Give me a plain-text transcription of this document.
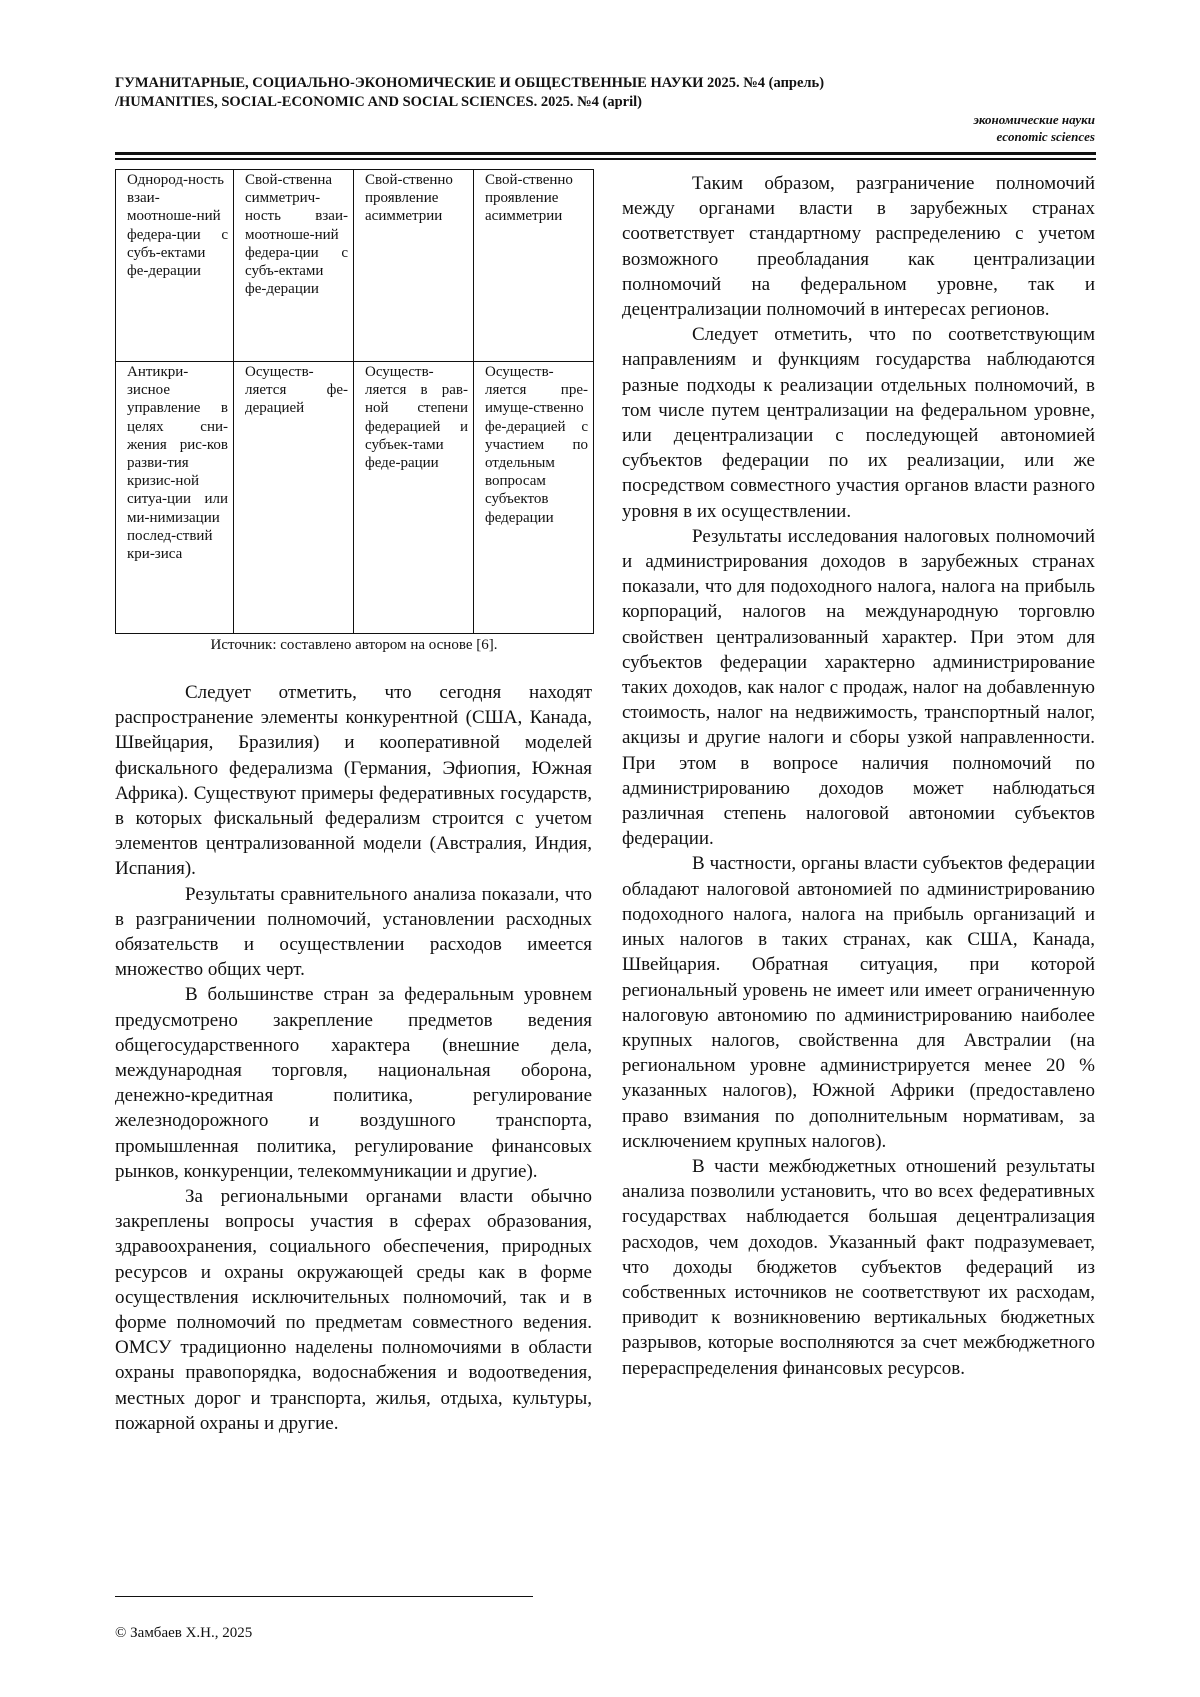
ГУМАНИТАРНЫЕ, СОЦИАЛЬНО-ЭКОНОМИЧЕСКИЕ И ОБЩЕСТВЕННЫЕ НАУКИ 2025. №4 (апрель)
/HUMANITIES, SOCIAL-ECONOMIC AND SOCIAL SCIENCES. 2025. №4 (april)
экономические науки
economic sciences
Однород-ность взаи-моотноше-ний федера-ции с субъ-ектами фе-дерации	Свой-ственна симметрич-ность взаи-моотноше-ний федера-ции с субъ-ектами фе-дерации	Свой-ственно проявление асимметрии	Свой-ственно проявление асимметрии
Антикри-зисное управление в целях сни-жения рис-ков разви-тия кризис-ной ситуа-ции или ми-нимизации послед-ствий кри-зиса	Осуществ-ляется фе-дерацией	Осуществ-ляется в рав-ной степени федерацией и субъек-тами феде-рации	Осуществ-ляется пре-имуще-ственно фе-дерацией с участием по отдельным вопросам субъектов федерации
Источник: составлено автором на основе [6].

Следует отметить, что сегодня находят распространение элементы конкурентной (США, Канада, Швейцария, Бразилия) и кооперативной моделей фискального федерализма (Германия, Эфиопия, Южная Африка). Существуют примеры федеративных государств, в которых фискальный федерализм строится с учетом элементов централизованной модели (Австралия, Индия, Испания).

Результаты сравнительного анализа показали, что в разграничении полномочий, установлении расходных обязательств и осуществлении расходов имеется множество общих черт.

В большинстве стран за федеральным уровнем предусмотрено закрепление предметов ведения общегосударственного характера (внешние дела, международная торговля, национальная оборона, денежно-кредитная политика, регулирование железнодорожного и воздушного транспорта, промышленная политика, регулирование финансовых рынков, конкуренции, телекоммуникации и другие).

За региональными органами власти обычно закреплены вопросы участия в сферах образования, здравоохранения, социального обеспечения, природных ресурсов и охраны окружающей среды как в форме осуществления исключительных полномочий, так и в форме полномочий по предметам совместного ведения. ОМСУ традиционно наделены полномочиями в области охраны правопорядка, водоснабжения и водоотведения, местных дорог и транспорта, жилья, отдыха, культуры, пожарной охраны и другие.

Таким образом, разграничение полномочий между органами власти в зарубежных странах соответствует стандартному распределению с учетом возможного преобладания как централизации полномочий на федеральном уровне, так и децентрализации полномочий в интересах регионов.

Следует отметить, что по соответствующим направлениям и функциям государства наблюдаются разные подходы к реализации отдельных полномочий, в том числе путем централизации на федеральном уровне, или децентрализации с последующей автономией субъектов федерации по их реализации, или же посредством совместного участия органов власти разного уровня в их осуществлении.

Результаты исследования налоговых полномочий и администрирования доходов в зарубежных странах показали, что для подоходного налога, налога на прибыль корпораций, налогов на международную торговлю свойствен централизованный характер. При этом для субъектов федерации характерно администрирование таких доходов, как налог с продаж, налог на добавленную стоимость, налог на недвижимость, транспортный налог, акцизы и другие налоги и сборы узкой направленности. При этом в вопросе наличия полномочий по администрированию доходов может наблюдаться различная степень налоговой автономии субъектов федерации.

В частности, органы власти субъектов федерации обладают налоговой автономией по администрированию подоходного налога, налога на прибыль организаций и иных налогов в таких странах, как США, Канада, Швейцария. Обратная ситуация, при которой региональный уровень не имеет или имеет ограниченную налоговую автономию по администрированию наиболее крупных налогов, свойственна для Австралии (на региональном уровне администрируется менее 20 % указанных налогов), Южной Африки (предоставлено право взимания по дополнительным нормативам, за исключением крупных налогов).

В части межбюджетных отношений результаты анализа позволили установить, что во всех федеративных государствах наблюдается большая децентрализация расходов, чем доходов. Указанный факт подразумевает, что доходы бюджетов субъектов федераций из собственных источников не соответствуют их расходам, приводит к возникновению вертикальных бюджетных разрывов, которые восполняются за счет межбюджетного перераспределения финансовых ресурсов.

© Замбаев Х.Н., 2025
